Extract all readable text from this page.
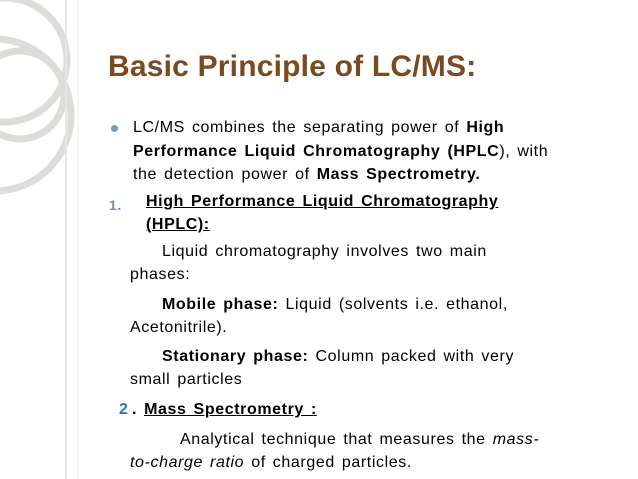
Basic Principle of LC/MS:
LC/MS combines the separating power of High
Performance Liquid Chromatography (HPLC), with
the detection power of Mass Spectrometry.
1. High Performance Liquid Chromatography
(HPLC):
Liquid chromatography involves two main
phases:
Mobile phase: Liquid (solvents i.e. ethanol,
Acetonitrile).
Stationary phase: Column packed with very
small particles
2 . Mass Spectrometry :
Analytical technique that measures the mass-
to-charge ratio of charged particles.
